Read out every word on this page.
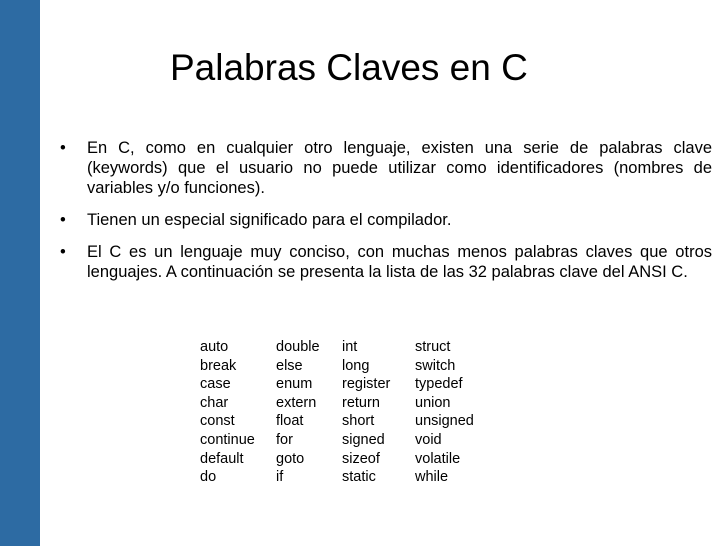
Palabras Claves en C
• En C, como en cualquier otro lenguaje, existen una serie de palabras clave (keywords) que el usuario no puede utilizar como identificadores (nombres de variables y/o funciones).
• Tienen un especial significado para el compilador.
• El C es un lenguaje muy conciso, con muchas menos palabras claves que otros lenguajes. A continuación se presenta la lista de las 32 palabras clave del ANSI C.
auto	double	int	struct
break	else	long	switch
case	enum	register	typedef
char	extern	return	union
const	float	short	unsigned
continue	for	signed	void
default	goto	sizeof	volatile
do	if	static	while
